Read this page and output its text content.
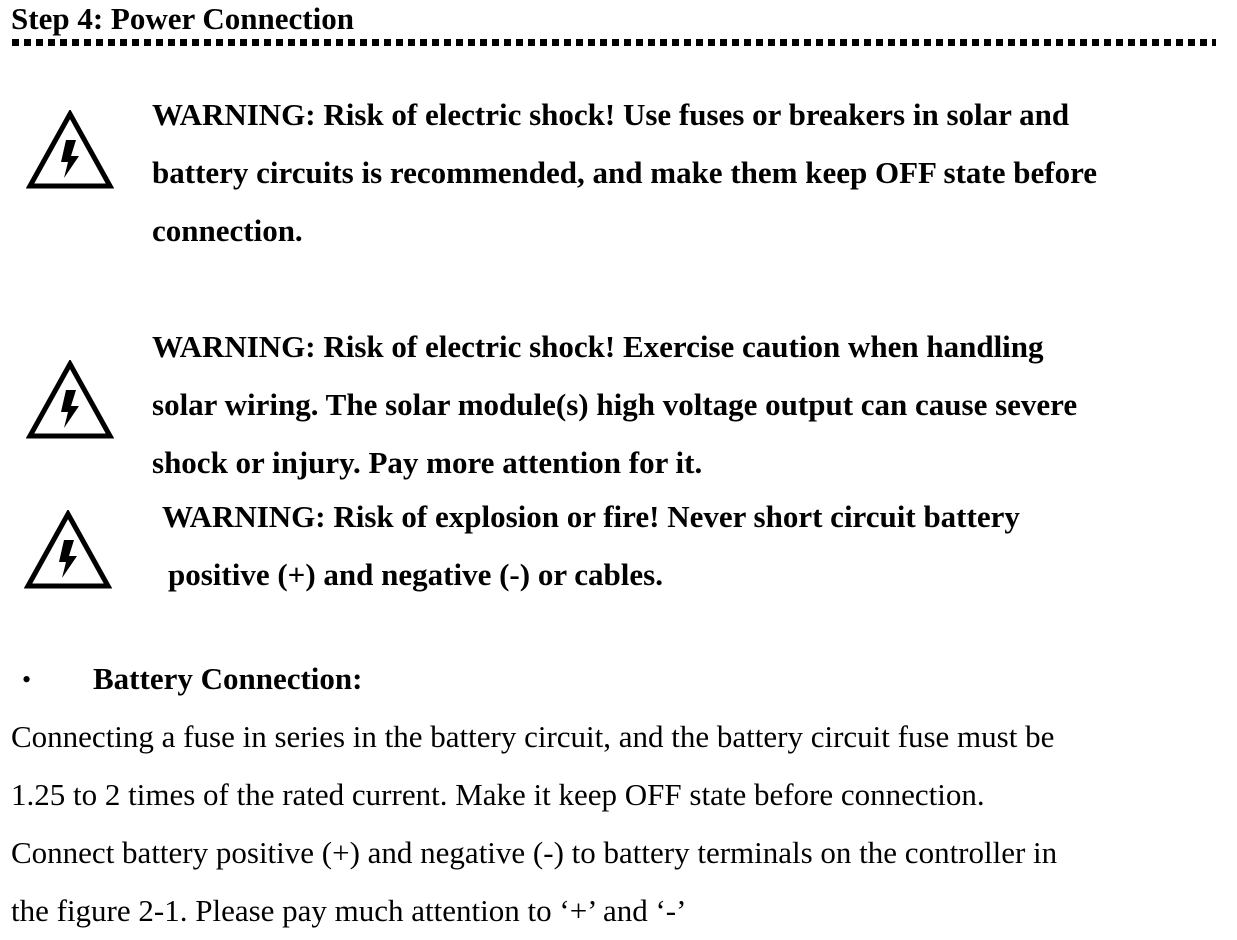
Step 4: Power Connection
WARNING: Risk of electric shock! Use fuses or breakers in solar and
battery circuits is recommended, and make them keep OFF state before
connection.
WARNING: Risk of electric shock! Exercise caution when handling
solar wiring. The solar module(s) high voltage output can cause severe
shock or injury. Pay more attention for it.
WARNING: Risk of explosion or fire! Never short circuit battery
positive (+) and negative (-) or cables.
• Battery Connection:
Connecting a fuse in series in the battery circuit, and the battery circuit fuse must be
1.25 to 2 times of the rated current. Make it keep OFF state before connection.
Connect battery positive (+) and negative (-) to battery terminals on the controller in
the figure 2-1. Please pay much attention to ‘+’ and ‘-’
